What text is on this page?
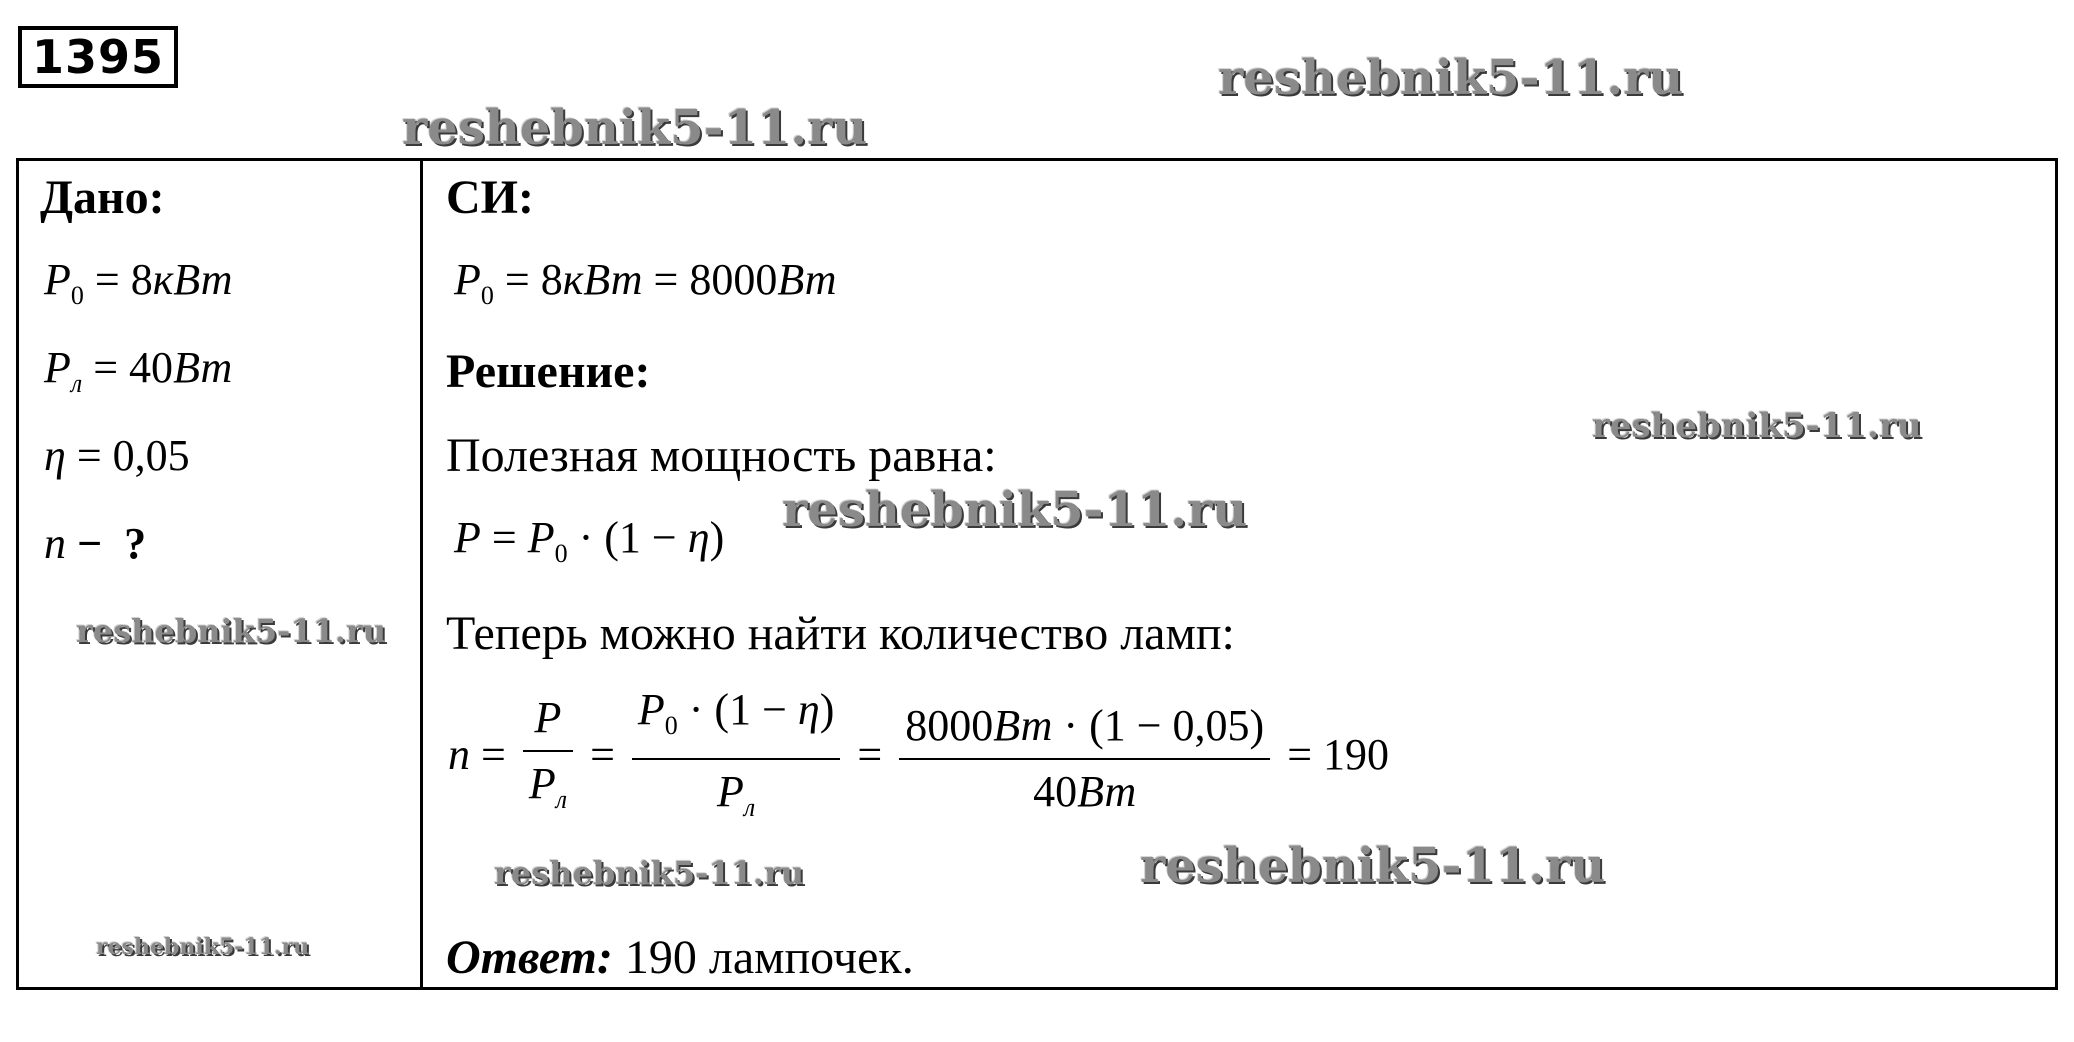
1395	reshebnik5-11.ru
reshebnik5-11.ru
Дано:
$P_0 = 8кВт$
$P_л = 40Вт$
η = 0,05
n − ?
reshebnik5-11.ru
reshebnik5-11.ru
СИ:
$P_0 = 8кВт = 8000Вт$
Решение:
Полезная мощность равна:
$P = P_0 \cdot (1 - \eta)$
reshebnik5-11.ru
reshebnik5-11.ru
Теперь можно найти количество ламп:
$n = \frac{P}{P_л} = \frac{P_0 \cdot (1 - \eta)}{P_л} = \frac{8000Вт \cdot (1 - 0,05)}{40Вт} = 190$
reshebnik5-11.ru	reshebnik5-11.ru
Ответ: 190 лампочек.
